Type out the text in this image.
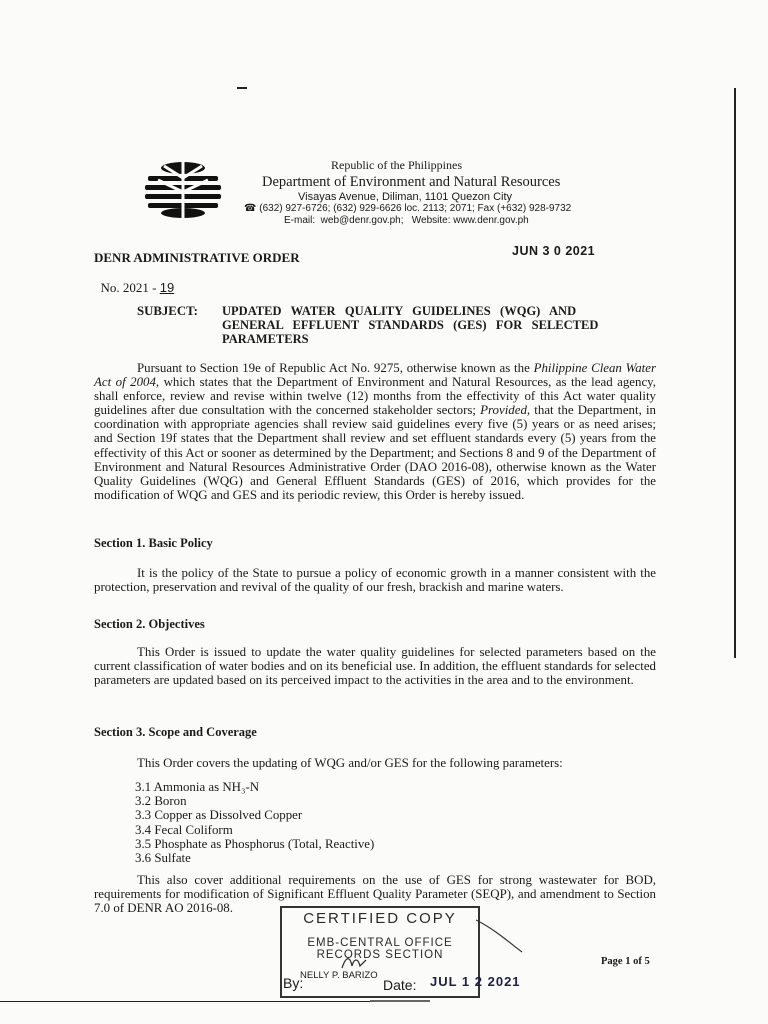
Republic of the Philippines
Department of Environment and Natural Resources
Visayas Avenue, Diliman, 1101 Quezon City
☎ (632) 927-6726; (632) 929-6626 loc. 2113; 2071; Fax (+632) 928-9732
E-mail:  web@denr.gov.ph;   Website: www.denr.gov.ph
DENR ADMINISTRATIVE ORDER

No. 2021 - 19

JUN 3 0 2021
SUBJECT: UPDATED   WATER   QUALITY   GUIDELINES   (WQG)   AND
GENERAL   EFFLUENT   STANDARDS   (GES)   FOR   SELECTED
PARAMETERS
Pursuant to Section 19e of Republic Act No. 9275, otherwise known as the Philippine Clean Water Act of 2004, which states that the Department of Environment and Natural Resources, as the lead agency, shall enforce, review and revise within twelve (12) months from the effectivity of this Act water quality guidelines after due consultation with the concerned stakeholder sectors; Provided, that the Department, in coordination with appropriate agencies shall review said guidelines every five (5) years or as need arises; and Section 19f states that the Department shall review and set effluent standards every (5) years from the effectivity of this Act or sooner as determined by the Department; and Sections 8 and 9 of the Department of Environment and Natural Resources Administrative Order (DAO 2016-08), otherwise known as the Water Quality Guidelines (WQG) and General Effluent Standards (GES) of 2016, which provides for the modification of WQG and GES and its periodic review, this Order is hereby issued.
Section 1. Basic Policy
It is the policy of the State to pursue a policy of economic growth in a manner consistent with the protection, preservation and revival of the quality of our fresh, brackish and marine waters.
Section 2. Objectives
This Order is issued to update the water quality guidelines for selected parameters based on the current classification of water bodies and on its beneficial use. In addition, the effluent standards for selected parameters are updated based on its perceived impact to the activities in the area and to the environment.
Section 3. Scope and Coverage
This Order covers the updating of WQG and/or GES for the following parameters:
3.1 Ammonia as NH₃-N
3.2 Boron
3.3 Copper as Dissolved Copper
3.4 Fecal Coliform
3.5 Phosphate as Phosphorus (Total, Reactive)
3.6 Sulfate
This also cover additional requirements on the use of GES for strong wastewater for BOD, requirements for modification of Significant Effluent Quality Parameter (SEQP), and amendment to Section 7.0 of DENR AO 2016-08.
CERTIFIED COPY
EMB-CENTRAL OFFICE
RECORDS SECTION
By:
NELLY P. BARIZO
Date: JUL 1 2 2021
Page 1 of 5
